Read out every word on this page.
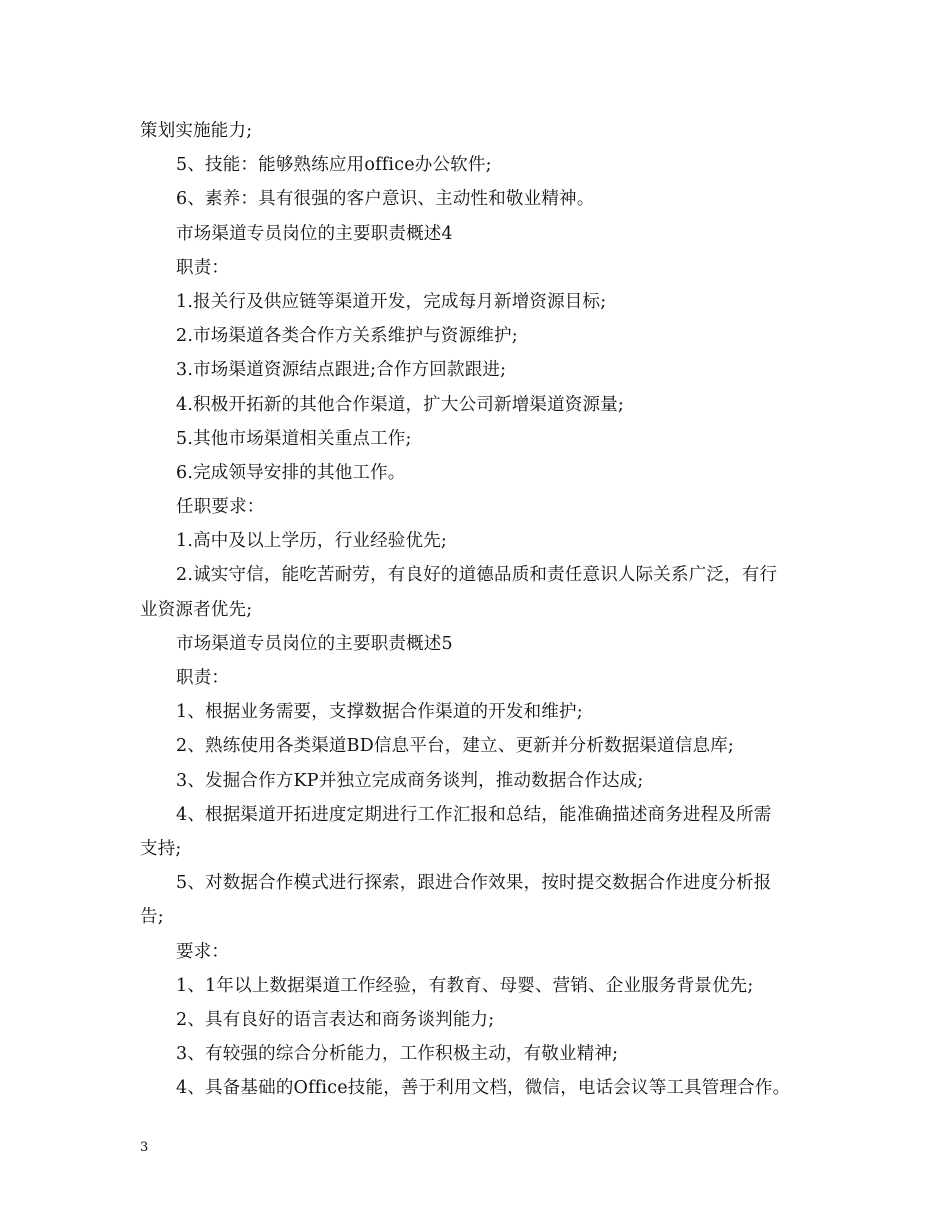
策划实施能力;
5、技能：能够熟练应用office办公软件;
6、素养：具有很强的客户意识、主动性和敬业精神。
市场渠道专员岗位的主要职责概述4
职责：
1.报关行及供应链等渠道开发，完成每月新增资源目标;
2.市场渠道各类合作方关系维护与资源维护;
3.市场渠道资源结点跟进;合作方回款跟进;
4.积极开拓新的其他合作渠道，扩大公司新增渠道资源量;
5.其他市场渠道相关重点工作;
6.完成领导安排的其他工作。
任职要求：
1.高中及以上学历，行业经验优先;
2.诚实守信，能吃苦耐劳，有良好的道德品质和责任意识人际关系广泛，有行
业资源者优先;
市场渠道专员岗位的主要职责概述5
职责：
1、根据业务需要，支撑数据合作渠道的开发和维护;
2、熟练使用各类渠道BD信息平台，建立、更新并分析数据渠道信息库;
3、发掘合作方KP并独立完成商务谈判，推动数据合作达成;
4、根据渠道开拓进度定期进行工作汇报和总结，能准确描述商务进程及所需
支持;
5、对数据合作模式进行探索，跟进合作效果，按时提交数据合作进度分析报
告;
要求：
1、1年以上数据渠道工作经验，有教育、母婴、营销、企业服务背景优先;
2、具有良好的语言表达和商务谈判能力;
3、有较强的综合分析能力，工作积极主动，有敬业精神;
4、具备基础的Office技能，善于利用文档，微信，电话会议等工具管理合作。
3
